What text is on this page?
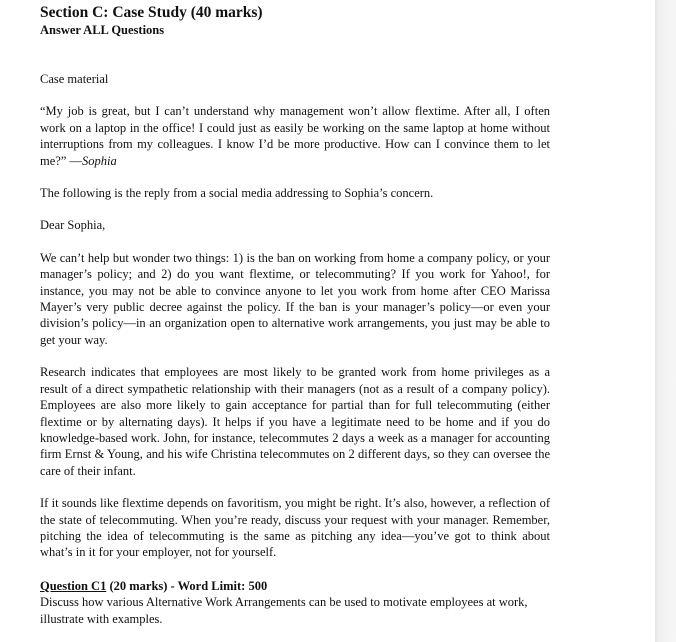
Section C: Case Study (40 marks)
Answer ALL Questions

Case material

“My job is great, but I can’t understand why management won’t allow flextime. After all, I often work on a laptop in the office! I could just as easily be working on the same laptop at home without interruptions from my colleagues. I know I’d be more productive. How can I convince them to let me?” —Sophia

The following is the reply from a social media addressing to Sophia’s concern.

Dear Sophia,

We can’t help but wonder two things: 1) is the ban on working from home a company policy, or your manager’s policy; and 2) do you want flextime, or telecommuting? If you work for Yahoo!, for instance, you may not be able to convince anyone to let you work from home after CEO Marissa Mayer’s very public decree against the policy. If the ban is your manager’s policy—or even your division’s policy—in an organization open to alternative work arrangements, you just may be able to get your way.

Research indicates that employees are most likely to be granted work from home privileges as a result of a direct sympathetic relationship with their managers (not as a result of a company policy). Employees are also more likely to gain acceptance for partial than for full telecommuting (either flextime or by alternating days). It helps if you have a legitimate need to be home and if you do knowledge-based work. John, for instance, telecommutes 2 days a week as a manager for accounting firm Ernst & Young, and his wife Christina telecommutes on 2 different days, so they can oversee the care of their infant.

If it sounds like flextime depends on favoritism, you might be right. It’s also, however, a reflection of the state of telecommuting. When you’re ready, discuss your request with your manager. Remember, pitching the idea of telecommuting is the same as pitching any idea—you’ve got to think about what’s in it for your employer, not for yourself.

Question C1 (20 marks) - Word Limit: 500

Discuss how various Alternative Work Arrangements can be used to motivate employees at work, illustrate with examples.
